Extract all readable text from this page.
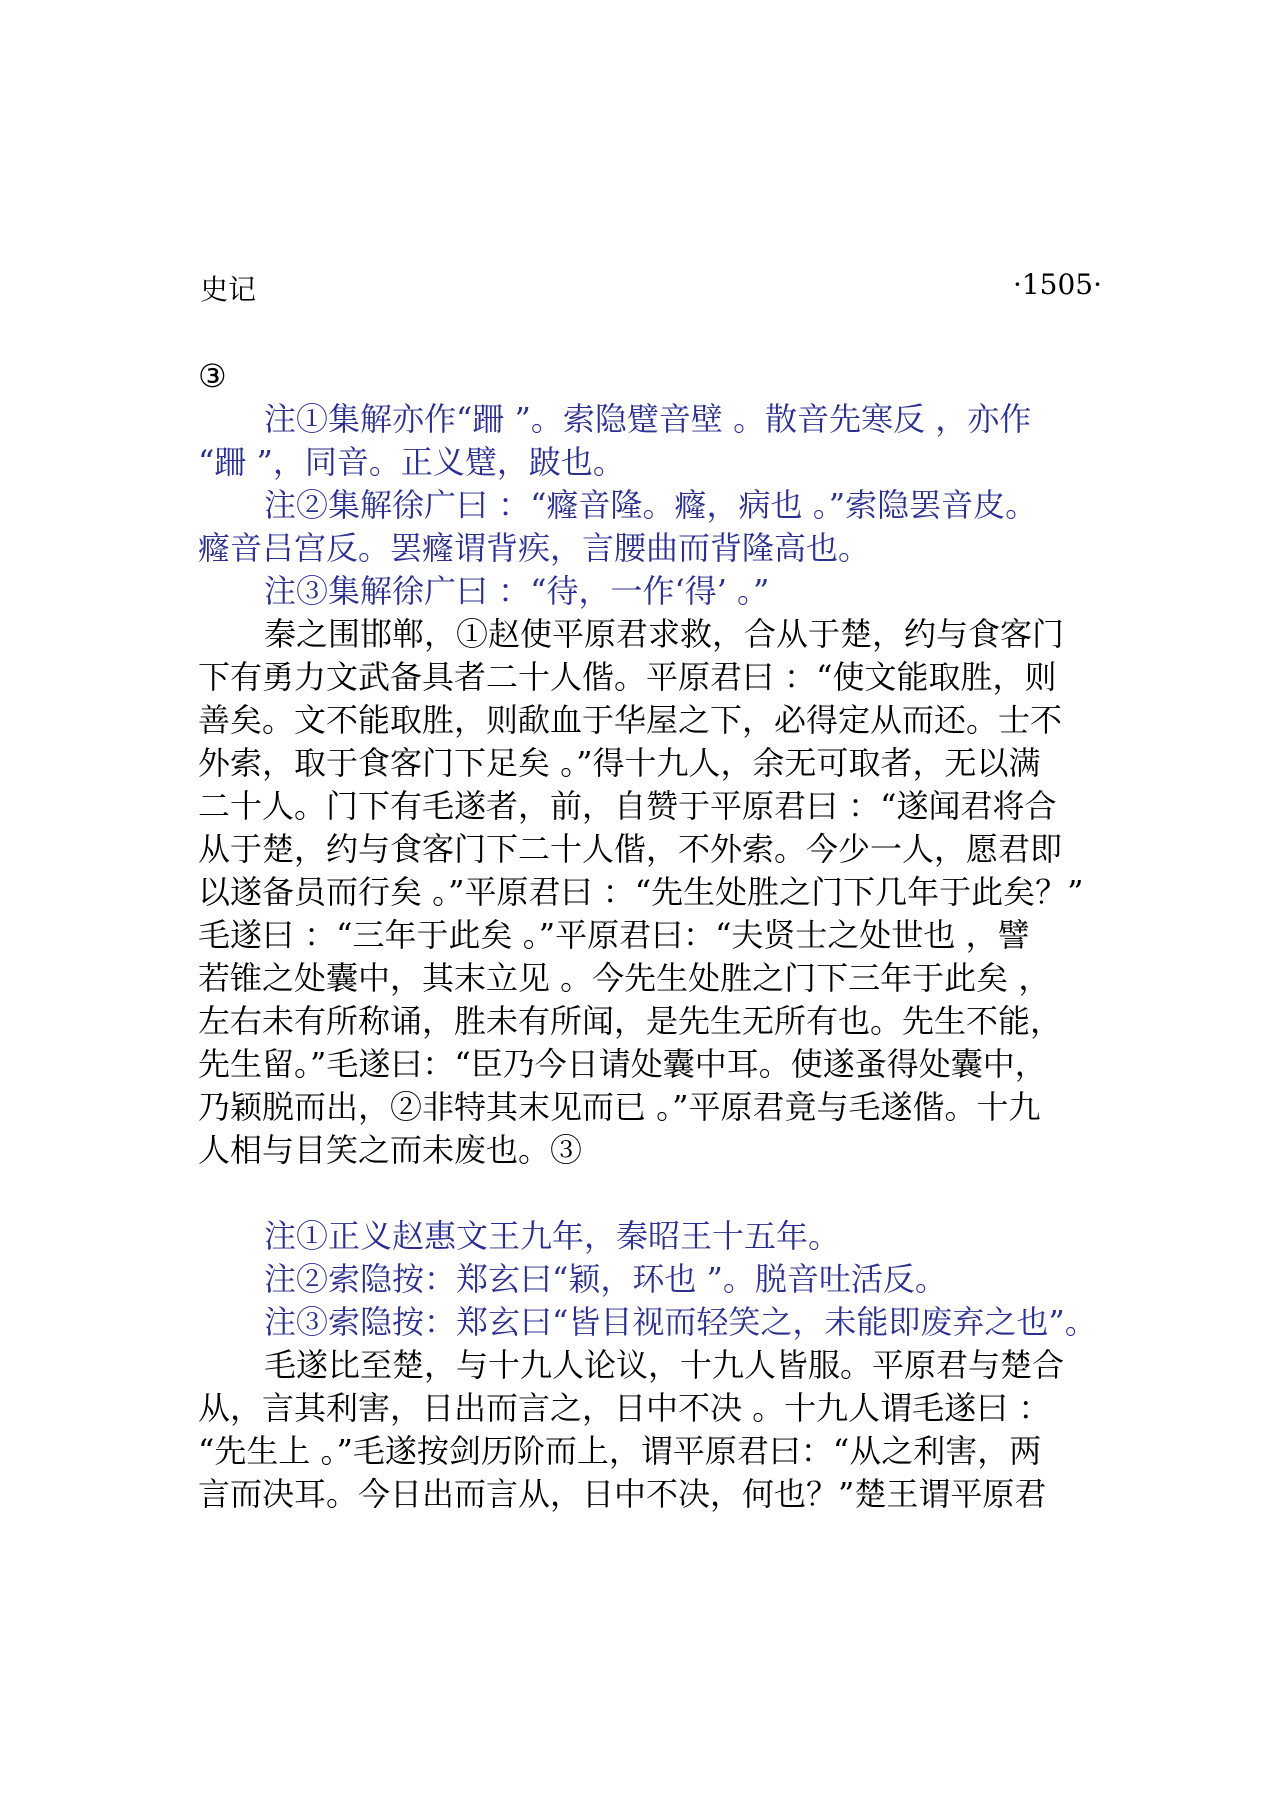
史记	·1505·
③
注①集解亦作“跚 ”。索隐躄音壁 。散音先寒反 ，亦作
“跚 ”，同音。正义躄，跛也。
注②集解徐广曰 ：“癃音隆。癃，病也 。”索隐罢音皮。
癃音吕宫反。罢癃谓背疾，言腰曲而背隆高也。
注③集解徐广曰 ：“待，一作‘得’ 。”
秦之围邯郸，①赵使平原君求救，合从于楚，约与食客门
下有勇力文武备具者二十人偕。平原君曰 ：“使文能取胜，则
善矣。文不能取胜，则歃血于华屋之下，必得定从而还。士不
外索，取于食客门下足矣 。”得十九人，余无可取者，无以满
二十人。门下有毛遂者，前，自赞于平原君曰 ：“遂闻君将合
从于楚，约与食客门下二十人偕，不外索。今少一人，愿君即
以遂备员而行矣 。”平原君曰 ：“先生处胜之门下几年于此矣？”
毛遂曰 ：“三年于此矣 。”平原君曰：“夫贤士之处世也 ，譬
若锥之处囊中，其末立见 。今先生处胜之门下三年于此矣 ，
左右未有所称诵，胜未有所闻，是先生无所有也。先生不能，
先生留。”毛遂曰：“臣乃今日请处囊中耳。使遂蚤得处囊中，
乃颖脱而出，②非特其末见而已 。”平原君竟与毛遂偕。十九
人相与目笑之而未废也。③
注①正义赵惠文王九年，秦昭王十五年。
注②索隐按：郑玄曰“颖，环也 ”。脱音吐活反。
注③索隐按：郑玄曰“皆目视而轻笑之，未能即废弃之也”。
毛遂比至楚，与十九人论议，十九人皆服。平原君与楚合
从，言其利害，日出而言之，日中不决 。十九人谓毛遂曰 ：
“先生上 。”毛遂按剑历阶而上，谓平原君曰：“从之利害，两
言而决耳。今日出而言从，日中不决，何也？”楚王谓平原君
